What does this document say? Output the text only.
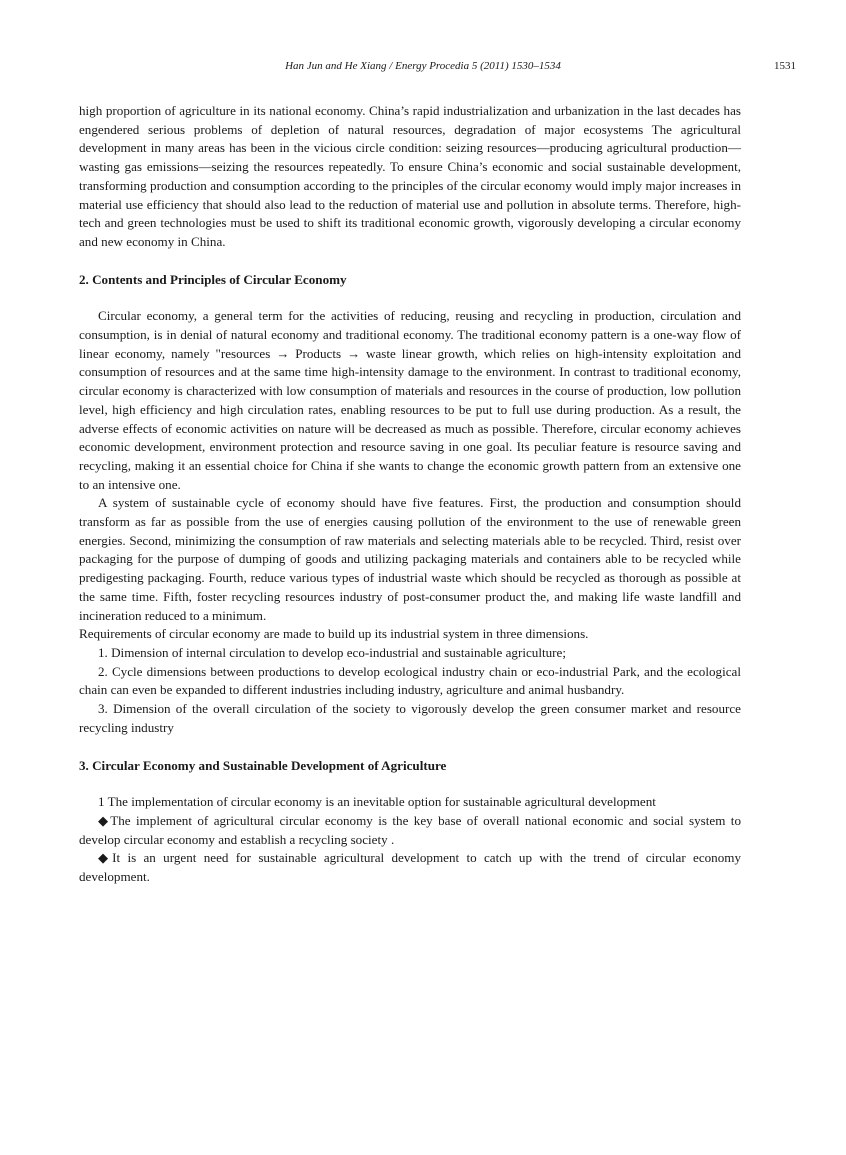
Han Jun and He Xiang / Energy Procedia 5 (2011) 1530–1534	1531

high proportion of agriculture in its national economy. China’s rapid industrialization and urbanization in the last decades has engendered serious problems of depletion of natural resources, degradation of major ecosystems The agricultural development in many areas has been in the vicious circle condition: seizing resources—producing agricultural production—wasting gas emissions—seizing the resources repeatedly. To ensure China’s economic and social sustainable development, transforming production and consumption according to the principles of the circular economy would imply major increases in material use efficiency that should also lead to the reduction of material use and pollution in absolute terms. Therefore, high-tech and green technologies must be used to shift its traditional economic growth, vigorously developing a circular economy and new economy in China.

2. Contents and Principles of Circular Economy

Circular economy, a general term for the activities of reducing, reusing and recycling in production, circulation and consumption, is in denial of natural economy and traditional economy. The traditional economy pattern is a one-way flow of linear economy, namely "resources → Products → waste linear growth, which relies on high-intensity exploitation and consumption of resources and at the same time high-intensity damage to the environment. In contrast to traditional economy, circular economy is characterized with low consumption of materials and resources in the course of production, low pollution level, high efficiency and high circulation rates, enabling resources to be put to full use during production. As a result, the adverse effects of economic activities on nature will be decreased as much as possible. Therefore, circular economy achieves economic development, environment protection and resource saving in one goal. Its peculiar feature is resource saving and recycling, making it an essential choice for China if she wants to change the economic growth pattern from an extensive one to an intensive one.

A system of sustainable cycle of economy should have five features. First, the production and consumption should transform as far as possible from the use of energies causing pollution of the environment to the use of renewable green energies. Second, minimizing the consumption of raw materials and selecting materials able to be recycled. Third, resist over packaging for the purpose of dumping of goods and utilizing packaging materials and containers able to be recycled while predigesting packaging. Fourth, reduce various types of industrial waste which should be recycled as thorough as possible at the same time. Fifth, foster recycling resources industry of post-consumer product the, and making life waste landfill and incineration reduced to a minimum.

Requirements of circular economy are made to build up its industrial system in three dimensions.

1. Dimension of internal circulation to develop eco-industrial and sustainable agriculture;

2. Cycle dimensions between productions to develop ecological industry chain or eco-industrial Park, and the ecological chain can even be expanded to different industries including industry, agriculture and animal husbandry.

3. Dimension of the overall circulation of the society to vigorously develop the green consumer market and resource recycling industry

3. Circular Economy and Sustainable Development of Agriculture

1 The implementation of circular economy is an inevitable option for sustainable agricultural development

◆The implement of agricultural circular economy is the key base of overall national economic and social system to develop circular economy and establish a recycling society .

◆It is an urgent need for sustainable agricultural development to catch up with the trend of circular economy development.
